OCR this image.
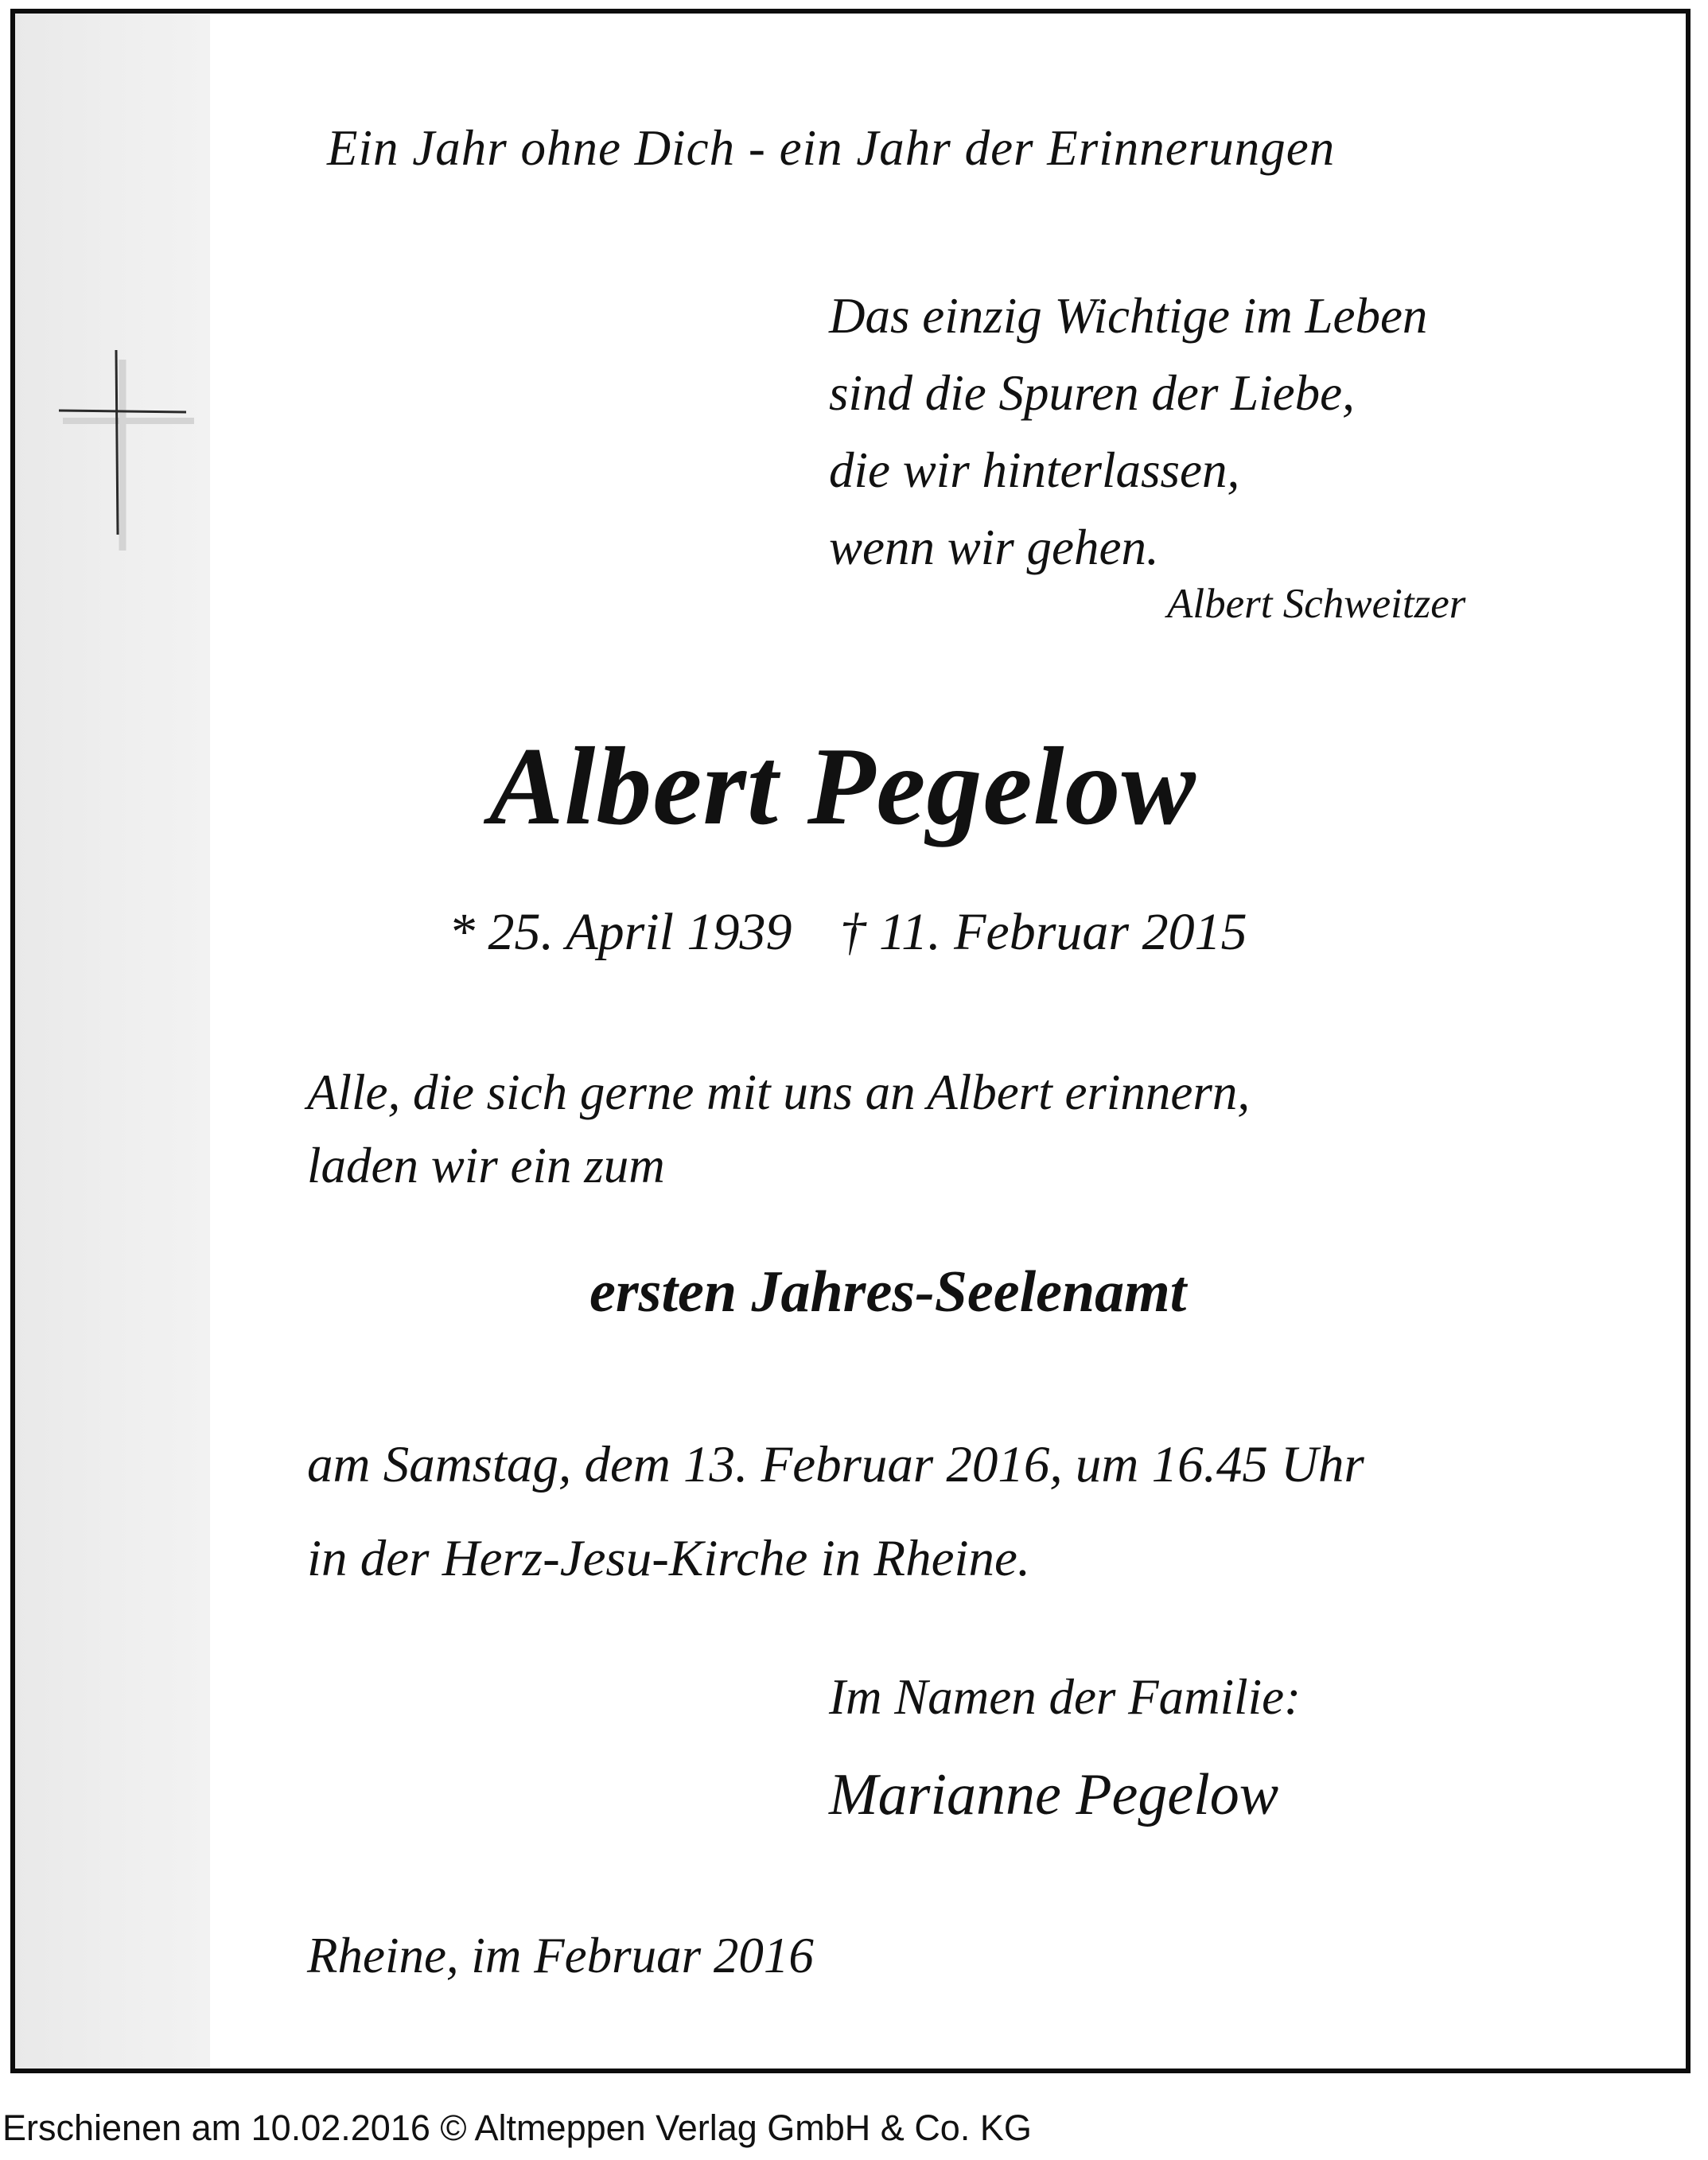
Ein Jahr ohne Dich - ein Jahr der Erinnerungen

Das einzig Wichtige im Leben
sind die Spuren der Liebe,
die wir hinterlassen,
wenn wir gehen.

Albert Schweitzer

Albert Pegelow

* 25. April 1939 † 11. Februar 2015

Alle, die sich gerne mit uns an Albert erinnern,
laden wir ein zum

ersten Jahres-Seelenamt

am Samstag, dem 13. Februar 2016, um 16.45 Uhr
in der Herz-Jesu-Kirche in Rheine.

Im Namen der Familie:

Marianne Pegelow

Rheine, im Februar 2016

Erschienen am 10.02.2016 © Altmeppen Verlag GmbH & Co. KG
